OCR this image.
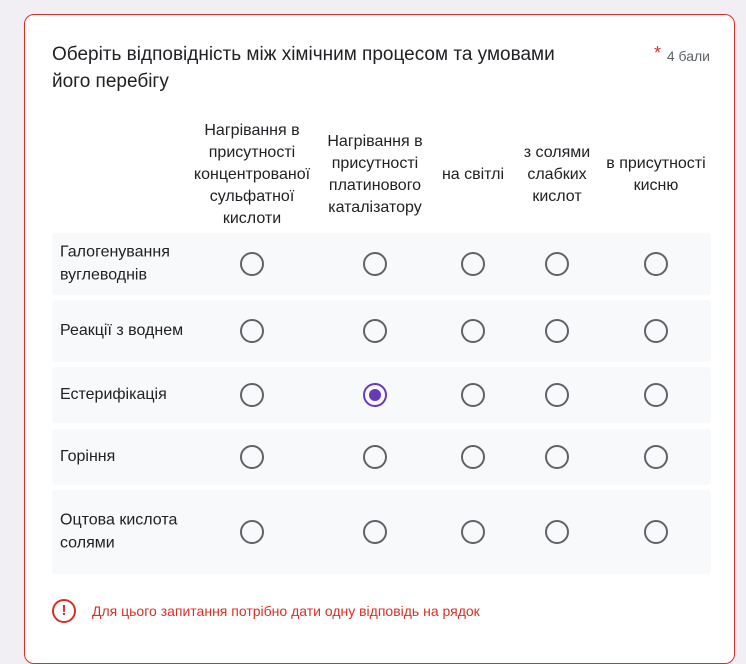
Оберіть відповідність між хімічним процесом та умовами його перебігу
* 4 бали
Нагрівання в присутності концентрованої сульфатної кислоти
Нагрівання в присутності платинового каталізатору
на світлі
з солями слабких кислот
в присутності кисню
Галогенування вуглеводнів
Реакції з воднем
Естерифікація
Горіння
Оцтова кислота солями
!	Для цього запитання потрібно дати одну відповідь на рядок
